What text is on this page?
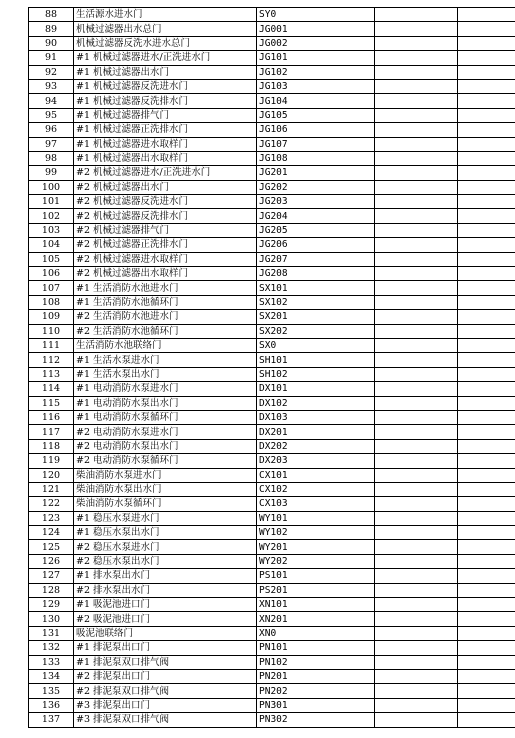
88	生活源水进水门	SY0		
89	机械过滤器出水总门	JG001		
90	机械过滤器反洗水进水总门	JG002		
91	#1 机械过滤器进水/正洗进水门	JG101		
92	#1 机械过滤器出水门	JG102		
93	#1 机械过滤器反洗进水门	JG103		
94	#1 机械过滤器反洗排水门	JG104		
95	#1 机械过滤器排气门	JG105		
96	#1 机械过滤器正洗排水门	JG106		
97	#1 机械过滤器进水取样门	JG107		
98	#1 机械过滤器出水取样门	JG108		
99	#2 机械过滤器进水/正洗进水门	JG201		
100	#2 机械过滤器出水门	JG202		
101	#2 机械过滤器反洗进水门	JG203		
102	#2 机械过滤器反洗排水门	JG204		
103	#2 机械过滤器排气门	JG205		
104	#2 机械过滤器正洗排水门	JG206		
105	#2 机械过滤器进水取样门	JG207		
106	#2 机械过滤器出水取样门	JG208		
107	#1 生活消防水池进水门	SX101		
108	#1 生活消防水池循环门	SX102		
109	#2 生活消防水池进水门	SX201		
110	#2 生活消防水池循环门	SX202		
111	生活消防水池联络门	SX0		
112	#1 生活水泵进水门	SH101		
113	#1 生活水泵出水门	SH102		
114	#1 电动消防水泵进水门	DX101		
115	#1 电动消防水泵出水门	DX102		
116	#1 电动消防水泵循环门	DX103		
117	#2 电动消防水泵进水门	DX201		
118	#2 电动消防水泵出水门	DX202		
119	#2 电动消防水泵循环门	DX203		
120	柴油消防水泵进水门	CX101		
121	柴油消防水泵出水门	CX102		
122	柴油消防水泵循环门	CX103		
123	#1 稳压水泵进水门	WY101		
124	#1 稳压水泵出水门	WY102		
125	#2 稳压水泵进水门	WY201		
126	#2 稳压水泵出水门	WY202		
127	#1 排水泵出水门	PS101		
128	#2 排水泵出水门	PS201		
129	#1 吸泥池进口门	XN101		
130	#2 吸泥池进口门	XN201		
131	吸泥池联络门	XN0		
132	#1 排泥泵出口门	PN101		
133	#1 排泥泵双口排气阀	PN102		
134	#2 排泥泵出口门	PN201		
135	#2 排泥泵双口排气阀	PN202		
136	#3 排泥泵出口门	PN301		
137	#3 排泥泵双口排气阀	PN302		
